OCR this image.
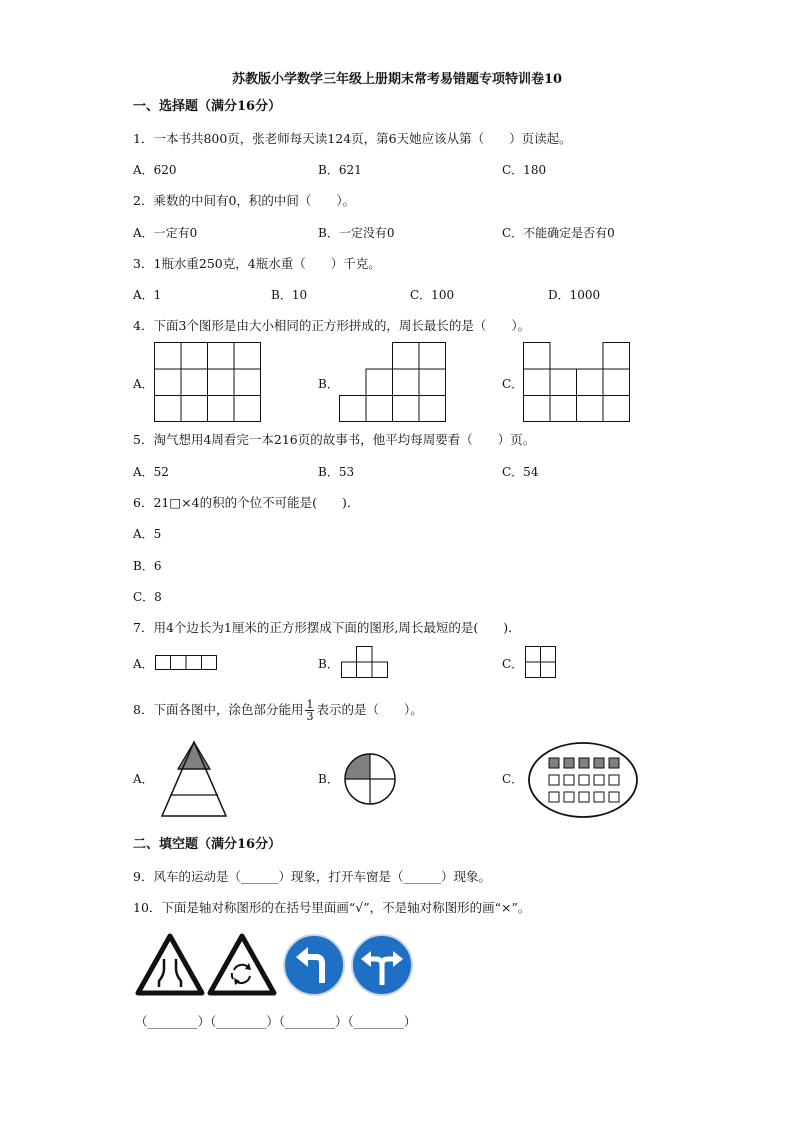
苏教版小学数学三年级上册期末常考易错题专项特训卷10
一、选择题（满分16分）
1．一本书共800页，张老师每天读124页，第6天她应该从第（　　）页读起。
A．620	B．621	C．180
2．乘数的中间有0，积的中间（　　）。
A．一定有0	B．一定没有0	C．不能确定是否有0
3．1瓶水重250克，4瓶水重（　　）千克。
A．1	B．10	C．100	D．1000
4．下面3个图形是由大小相同的正方形拼成的，周长最长的是（　　）。
A．	B．	C．
5．淘气想用4周看完一本216页的故事书，他平均每周要看（　　）页。
A．52	B．53	C．54
6．21□×4的积的个位不可能是(　　)．
A．5
B．6
C．8
7．用4个边长为1厘米的正方形摆成下面的图形,周长最短的是(　　)．
A．	B．	C．
8．下面各图中，涂色部分能用 $\frac{1}{3}$ 表示的是（　　）。
A．	B．	C．
二、填空题（满分16分）
9．风车的运动是（______）现象，打开车窗是（______）现象。
10．下面是轴对称图形的在括号里面画“√”，不是轴对称图形的画“×”。
（________）（________）（________）（________）
